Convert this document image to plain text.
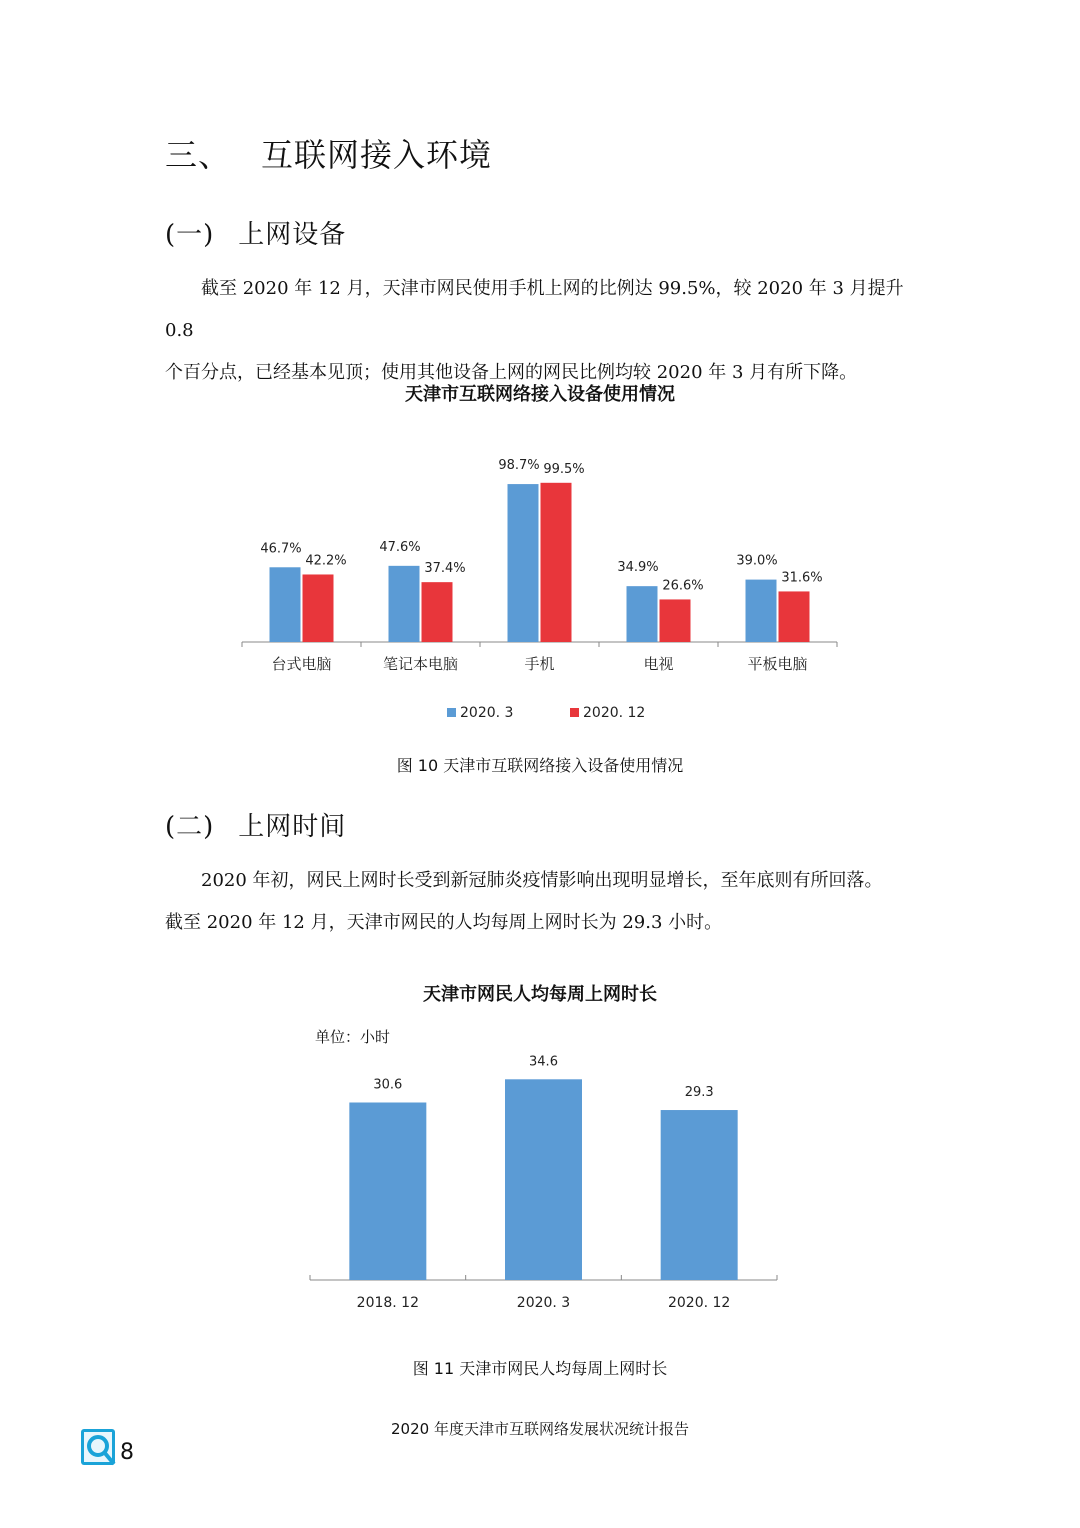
三、 互联网接入环境
(一) 上网设备

截至 2020 年 12 月，天津市网民使用手机上网的比例达 99.5%，较 2020 年 3 月提升 0.8

个百分点，已经基本见顶；使用其他设备上网的网民比例均较 2020 年 3 月有所下降。

天津市互联网络接入设备使用情况
46.7%
42.2%
台式电脑
47.6%
37.4%
笔记本电脑
98.7% 99.5%
手机
34.9%
26.6%
电视
39.0%
31.6%
平板电脑
2020. 3	2020. 12
图 10 天津市互联网络接入设备使用情况
(二) 上网时间

2020 年初，网民上网时长受到新冠肺炎疫情影响出现明显增长，至年底则有所回落。

截至 2020 年 12 月，天津市网民的人均每周上网时长为 29.3 小时。

天津市网民人均每周上网时长
单位：小时
30.6
2018. 12
34.6
2020. 3
29.3
2020. 12
图 11 天津市网民人均每周上网时长
2020 年度天津市互联网络发展状况统计报告
8
